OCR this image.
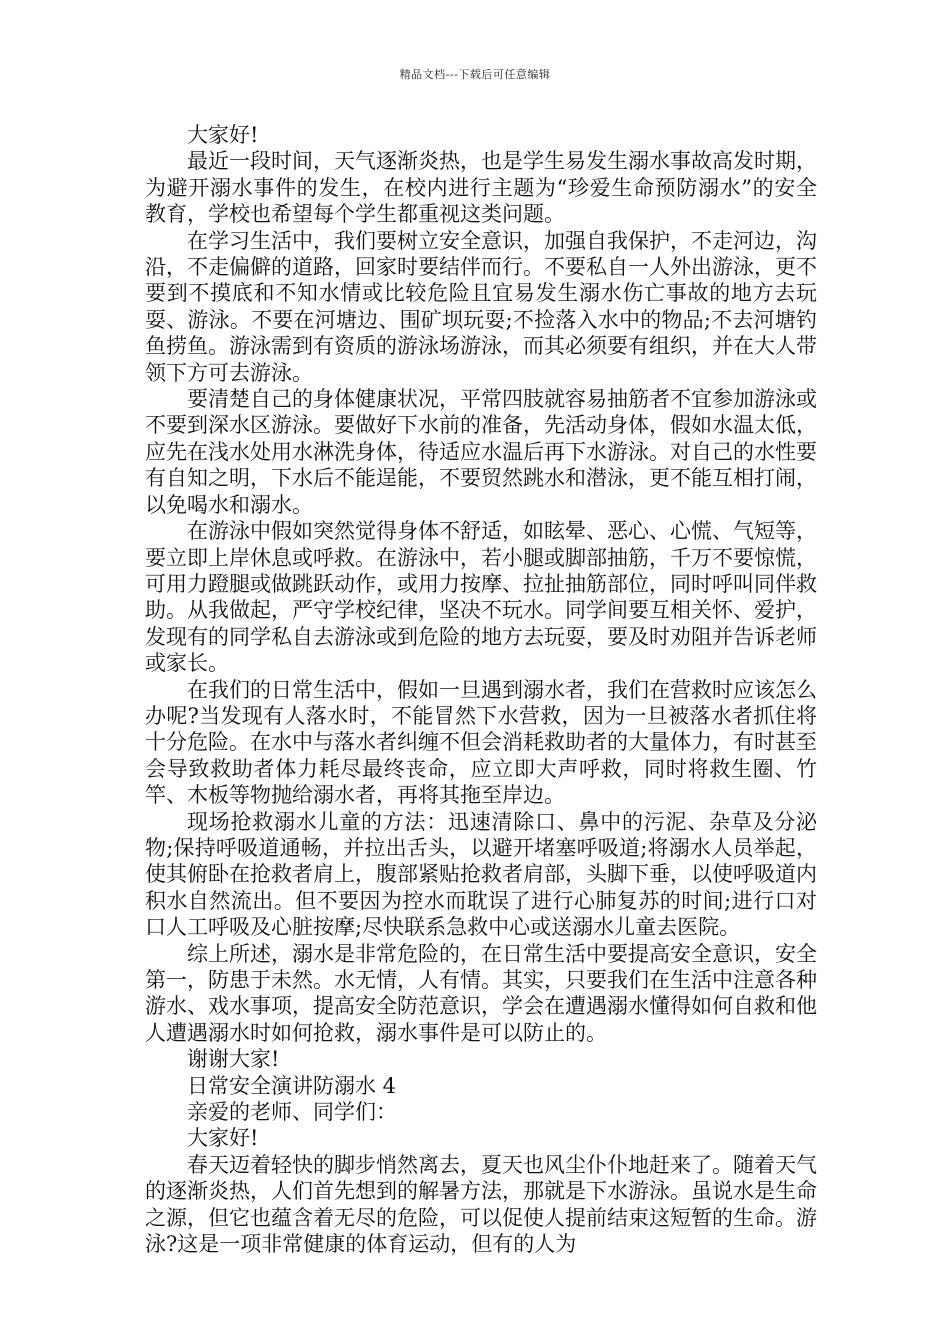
精品文档---下载后可任意编辑

大家好!

最近一段时间，天气逐渐炎热，也是学生易发生溺水事故高发时期，为避开溺水事件的发生，在校内进行主题为“珍爱生命预防溺水”的安全教育，学校也希望每个学生都重视这类问题。

在学习生活中，我们要树立安全意识，加强自我保护，不走河边，沟沿，不走偏僻的道路，回家时要结伴而行。不要私自一人外出游泳，更不要到不摸底和不知水情或比较危险且宜易发生溺水伤亡事故的地方去玩耍、游泳。不要在河塘边、围矿坝玩耍;不捡落入水中的物品;不去河塘钓鱼捞鱼。游泳需到有资质的游泳场游泳，而其必须要有组织，并在大人带领下方可去游泳。

要清楚自己的身体健康状况，平常四肢就容易抽筋者不宜参加游泳或不要到深水区游泳。要做好下水前的准备，先活动身体，假如水温太低，应先在浅水处用水淋洗身体，待适应水温后再下水游泳。对自己的水性要有自知之明，下水后不能逞能，不要贸然跳水和潜泳，更不能互相打闹，以免喝水和溺水。

在游泳中假如突然觉得身体不舒适，如眩晕、恶心、心慌、气短等，要立即上岸休息或呼救。在游泳中，若小腿或脚部抽筋，千万不要惊慌，可用力蹬腿或做跳跃动作，或用力按摩、拉扯抽筋部位，同时呼叫同伴救助。从我做起，严守学校纪律，坚决不玩水。同学间要互相关怀、爱护，发现有的同学私自去游泳或到危险的地方去玩耍，要及时劝阻并告诉老师或家长。

在我们的日常生活中，假如一旦遇到溺水者，我们在营救时应该怎么办呢?当发现有人落水时，不能冒然下水营救，因为一旦被落水者抓住将十分危险。在水中与落水者纠缠不但会消耗救助者的大量体力，有时甚至会导致救助者体力耗尽最终丧命，应立即大声呼救，同时将救生圈、竹竿、木板等物抛给溺水者，再将其拖至岸边。

现场抢救溺水儿童的方法：迅速清除口、鼻中的污泥、杂草及分泌物;保持呼吸道通畅，并拉出舌头，以避开堵塞呼吸道;将溺水人员举起，使其俯卧在抢救者肩上，腹部紧贴抢救者肩部，头脚下垂，以使呼吸道内积水自然流出。但不要因为控水而耽误了进行心肺复苏的时间;进行口对口人工呼吸及心脏按摩;尽快联系急救中心或送溺水儿童去医院。

综上所述，溺水是非常危险的，在日常生活中要提高安全意识，安全第一，防患于未然。水无情，人有情。其实，只要我们在生活中注意各种游水、戏水事项，提高安全防范意识，学会在遭遇溺水懂得如何自救和他人遭遇溺水时如何抢救，溺水事件是可以防止的。

谢谢大家!

日常安全演讲防溺水 4

亲爱的老师、同学们：

大家好!

春天迈着轻快的脚步悄然离去，夏天也风尘仆仆地赶来了。随着天气的逐渐炎热，人们首先想到的解暑方法，那就是下水游泳。虽说水是生命之源，但它也蕴含着无尽的危险，可以促使人提前结束这短暂的生命。游泳?这是一项非常健康的体育运动，但有的人为
